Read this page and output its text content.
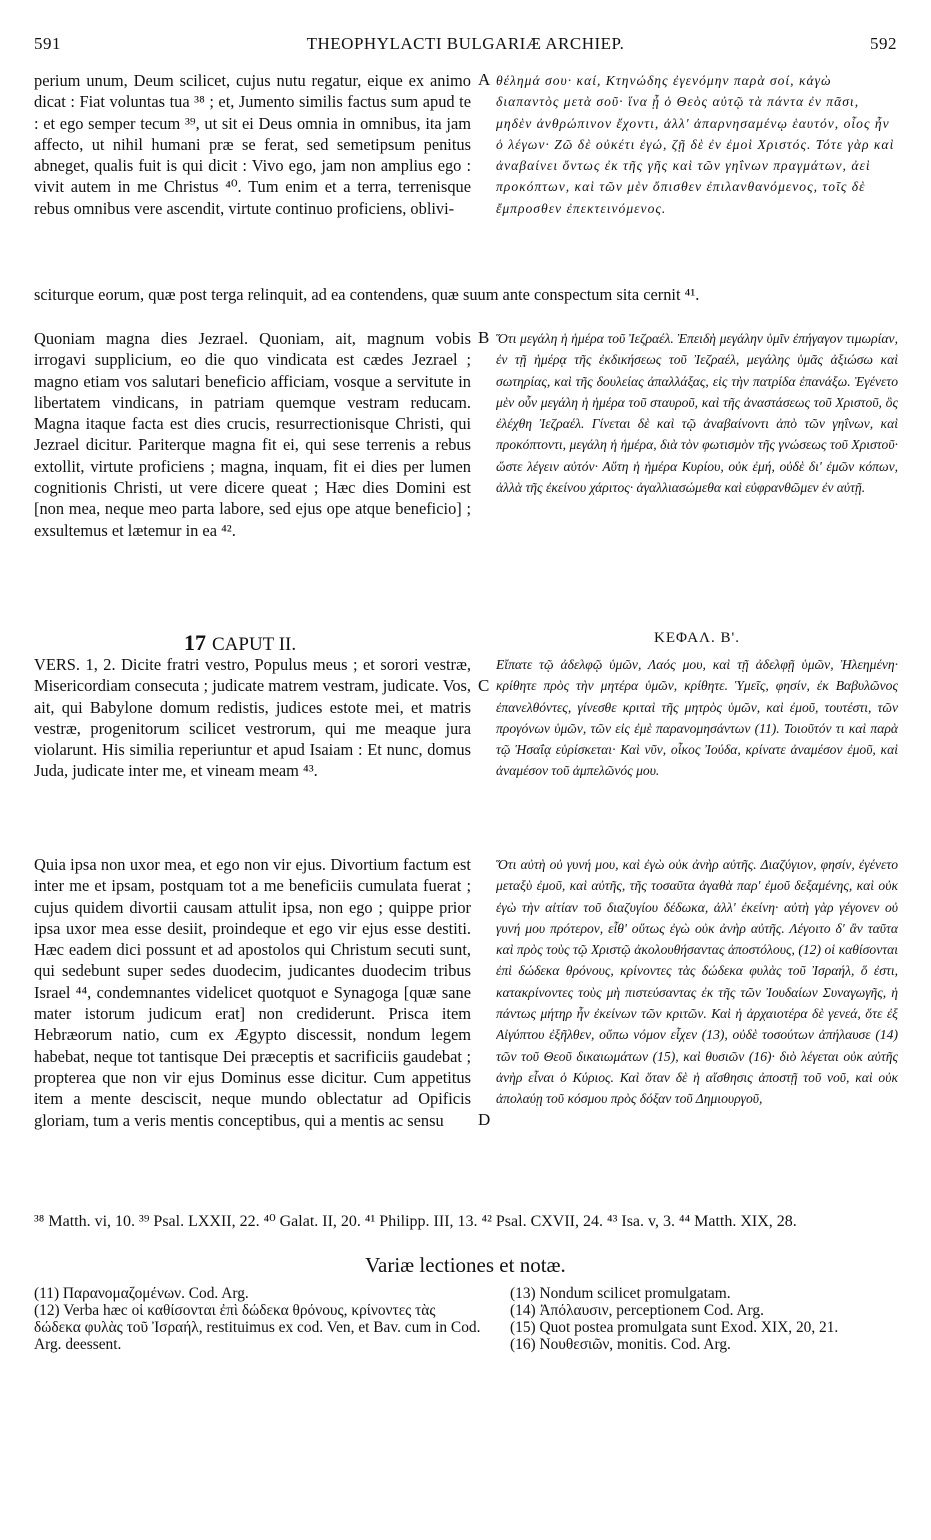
591	THEOPHYLACTI BULGARIÆ ARCHIEP.	592

perium unum, Deum scilicet, cujus nutu regatur, eique ex animo dicat : Fiat voluntas tua ³⁸ ; et, Jumento similis factus sum apud te : et ego semper tecum ³⁹, ut sit ei Deus omnia in omnibus, ita jam affecto, ut nihil humani præ se ferat, sed semetipsum penitus abneget, qualis fuit is qui dicit : Vivo ego, jam non amplius ego : vivit autem in me Christus ⁴⁰. Tum enim et a terra, terrenisque rebus omnibus vere ascendit, virtute continuo proficiens, oblivi-

A θέλημά σου· καί, Κτηνώδης ἐγενόμην παρὰ σοί, κἀγὼ διαπαντὸς μετὰ σοῦ· ἵνα ᾖ ὁ Θεὸς αὐτῷ τὰ πάντα ἐν πᾶσι, μηδὲν ἀνθρώπινον ἔχοντι, ἀλλ' ἀπαρνησαμένῳ ἑαυτόν, οἷος ἦν ὁ λέγων· Ζῶ δὲ οὐκέτι ἐγώ, ζῇ δὲ ἐν ἐμοὶ Χριστός. Τότε γὰρ καὶ ἀναβαίνει ὄντως ἐκ τῆς γῆς καὶ τῶν γηΐνων πραγμάτων, ἀεὶ προκόπτων, καὶ τῶν μὲν ὄπισθεν ἐπιλανθανόμενος, τοῖς δὲ ἔμπροσθεν ἐπεκτεινόμενος.

sciturque eorum, quæ post terga relinquit, ad ea contendens, quæ suum ante conspectum sita cernit ⁴¹.

Quoniam magna dies Jezrael. Quoniam, ait, magnum vobis irrogavi supplicium, eo die quo vindicata est cædes Jezrael ; magno etiam vos salutari beneficio afficiam, vosque a servitute in libertatem vindicans, in patriam quemque vestram reducam. Magna itaque facta est dies crucis, resurrectionisque Christi, qui Jezrael dicitur. Pariterque magna fit ei, qui sese terrenis a rebus extollit, virtute proficiens ; magna, inquam, fit ei dies per lumen cognitionis Christi, ut vere dicere queat ; Hæc dies Domini est [non mea, neque meo parta labore, sed ejus ope atque beneficio] ; exsultemus et lætemur in ea ⁴².

B Ὅτι μεγάλη ἡ ἡμέρα τοῦ Ἰεζραέλ. Ἐπειδὴ μεγάλην ὑμῖν ἐπήγαγον τιμωρίαν, ἐν τῇ ἡμέρᾳ τῆς ἐκδικήσεως τοῦ Ἰεζραέλ, μεγάλης ὑμᾶς ἀξιώσω καὶ σωτηρίας, καὶ τῆς δουλείας ἀπαλλάξας, εἰς τὴν πατρίδα ἐπανάξω. Ἐγένετο μὲν οὖν μεγάλη ἡ ἡμέρα τοῦ σταυροῦ, καὶ τῆς ἀναστάσεως τοῦ Χριστοῦ, ὃς ἐλέχθη Ἰεζραέλ. Γίνεται δὲ καὶ τῷ ἀναβαίνοντι ἀπὸ τῶν γηΐνων, καὶ προκόπτοντι, μεγάλη ἡ ἡμέρα, διὰ τὸν φωτισμὸν τῆς γνώσεως τοῦ Χριστοῦ· ὥστε λέγειν αὐτόν· Αὕτη ἡ ἡμέρα Κυρίου, οὐκ ἐμή, οὐδὲ δι' ἐμῶν κόπων, ἀλλὰ τῆς ἐκείνου χάριτος· ἀγαλλιασώμεθα καὶ εὐφρανθῶμεν ἐν αὐτῇ.

17 CAPUT II.	ΚΕΦΑΛ. Β'.

VERS. 1, 2. Dicite fratri vestro, Populus meus ; et sorori vestræ, Misericordiam consecuta ; judicate matrem vestram, judicate. Vos, ait, qui Babylone domum redistis, judices estote mei, et matris vestræ, progenitorum scilicet vestrorum, qui me meaque jura violarunt. His similia reperiuntur et apud Isaiam : Et nunc, domus Juda, judicate inter me, et vineam meam ⁴³.

C

Εἴπατε τῷ ἀδελφῷ ὑμῶν, Λαός μου, καὶ τῇ ἀδελφῇ ὑμῶν, Ἠλεημένη· κρίθητε πρὸς τὴν μητέρα ὑμῶν, κρίθητε. Ὑμεῖς, φησίν, ἐκ Βαβυλῶνος ἐπανελθόντες, γίνεσθε κριταὶ τῆς μητρὸς ὑμῶν, καὶ ἐμοῦ, τουτέστι, τῶν προγόνων ὑμῶν, τῶν εἰς ἐμὲ παρανομησάντων (11). Τοιοῦτόν τι καὶ παρὰ τῷ Ἡσαΐᾳ εὑρίσκεται· Καὶ νῦν, οἶκος Ἰούδα, κρίνατε ἀναμέσον ἐμοῦ, καὶ ἀναμέσον τοῦ ἀμπελῶνός μου.

Quia ipsa non uxor mea, et ego non vir ejus. Divortium factum est inter me et ipsam, postquam tot a me beneficiis cumulata fuerat ; cujus quidem divortii causam attulit ipsa, non ego ; quippe prior ipsa uxor mea esse desiit, proindeque et ego vir ejus esse destiti. Hæc eadem dici possunt et ad apostolos qui Christum secuti sunt, qui sedebunt super sedes duodecim, judicantes duodecim tribus Israel ⁴⁴, condemnantes videlicet quotquot e Synagoga [quæ sane mater istorum judicum erat] non crediderunt. Prisca item Hebræorum natio, cum ex Ægypto discessit, nondum legem habebat, neque tot tantisque Dei præceptis et sacrificiis gaudebat ; propterea que non vir ejus Dominus esse dicitur. Cum appetitus item a mente desciscit, neque mundo oblectatur ad Opificis gloriam, tum a veris mentis conceptibus, qui a mentis ac sensu	D

Ὅτι αὐτὴ οὐ γυνή μου, καὶ ἐγὼ οὐκ ἀνὴρ αὐτῆς. Διαζύγιον, φησίν, ἐγένετο μεταξὺ ἐμοῦ, καὶ αὐτῆς, τῆς τοσαῦτα ἀγαθὰ παρ' ἐμοῦ δεξαμένης, καὶ οὐκ ἐγὼ τὴν αἰτίαν τοῦ διαζυγίου δέδωκα, ἀλλ' ἐκείνη· αὐτὴ γὰρ γέγονεν οὐ γυνή μου πρότερον, εἶθ' οὕτως ἐγὼ οὐκ ἀνὴρ αὐτῆς. Λέγοιτο δ' ἂν ταῦτα καὶ πρὸς τοὺς τῷ Χριστῷ ἀκολουθήσαντας ἀποστόλους, (12) οἱ καθίσονται ἐπὶ δώδεκα θρόνους, κρίνοντες τὰς δώδεκα φυλὰς τοῦ Ἰσραήλ, ὅ ἐστι, κατακρίνοντες τοὺς μὴ πιστεύσαντας ἐκ τῆς τῶν Ἰουδαίων Συναγωγῆς, ἡ πάντως μήτηρ ἦν ἐκείνων τῶν κριτῶν. Καὶ ἡ ἀρχαιοτέρα δὲ γενεά, ὅτε ἐξ Αἰγύπτου ἐξῆλθεν, οὔπω νόμον εἶχεν (13), οὐδὲ τοσούτων ἀπήλαυσε (14) τῶν τοῦ Θεοῦ δικαιωμάτων (15), καὶ θυσιῶν (16)· διὸ λέγεται οὐκ αὐτῆς ἀνὴρ εἶναι ὁ Κύριος. Καὶ ὅταν δὲ ἡ αἴσθησις ἀποστῇ τοῦ νοῦ, καὶ οὐκ ἀπολαύῃ τοῦ κόσμου πρὸς δόξαν τοῦ Δημιουργοῦ,

³⁸ Matth. vi, 10. ³⁹ Psal. LXXII, 22. ⁴⁰ Galat. II, 20. ⁴¹ Philipp. III, 13. ⁴² Psal. CXVII, 24. ⁴³ Isa. v, 3. ⁴⁴ Matth. XIX, 28.
Variæ lectiones et notæ.

(11) Παρανομαζομένων. Cod. Arg.

(12) Verba hæc οἱ καθίσονται ἐπὶ δώδεκα θρόνους, κρίνοντες τὰς δώδεκα φυλὰς τοῦ Ἰσραήλ, restituimus ex cod. Ven, et Bav. cum in Cod. Arg. deessent.

(13) Nondum scilicet promulgatam.

(14) Ἀπόλαυσιν, perceptionem Cod. Arg.

(15) Quot postea promulgata sunt Exod. XIX, 20, 21.

(16) Νουθεσιῶν, monitis. Cod. Arg.
